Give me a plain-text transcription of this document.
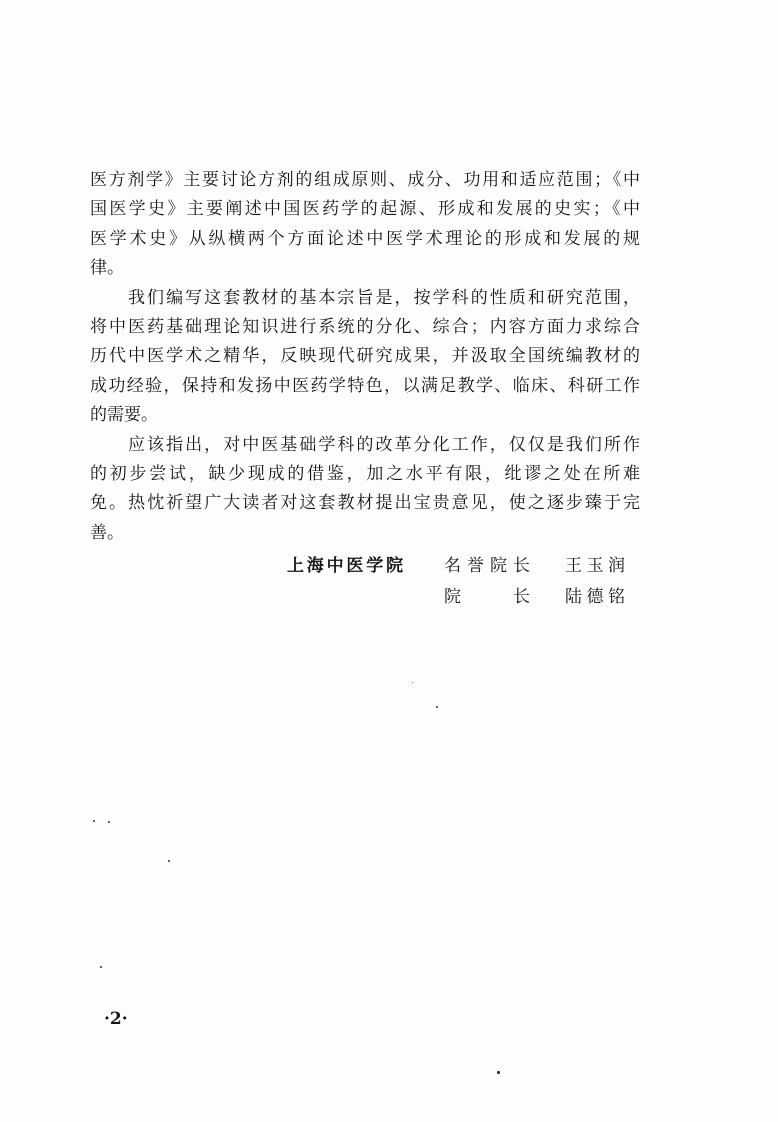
医方剂学》主要讨论方剂的组成原则、成分、功用和适应范围；《中
国医学史》主要阐述中国医药学的起源、形成和发展的史实；《中
医学术史》从纵横两个方面论述中医学术理论的形成和发展的规
律。
我们编写这套教材的基本宗旨是，按学科的性质和研究范围，
将中医药基础理论知识进行系统的分化、综合；内容方面力求综合
历代中医学术之精华，反映现代研究成果，并汲取全国统编教材的
成功经验，保持和发扬中医药学特色，以满足教学、临床、科研工作
的需要。
应该指出，对中医基础学科的改革分化工作，仅仅是我们所作
的初步尝试，缺少现成的借鉴，加之水平有限，纰谬之处在所难
免。热忱祈望广大读者对这套教材提出宝贵意见，使之逐步臻于完
善。
上海中医学院 名誉院长 王玉润
院长 陆德铭
·2·
